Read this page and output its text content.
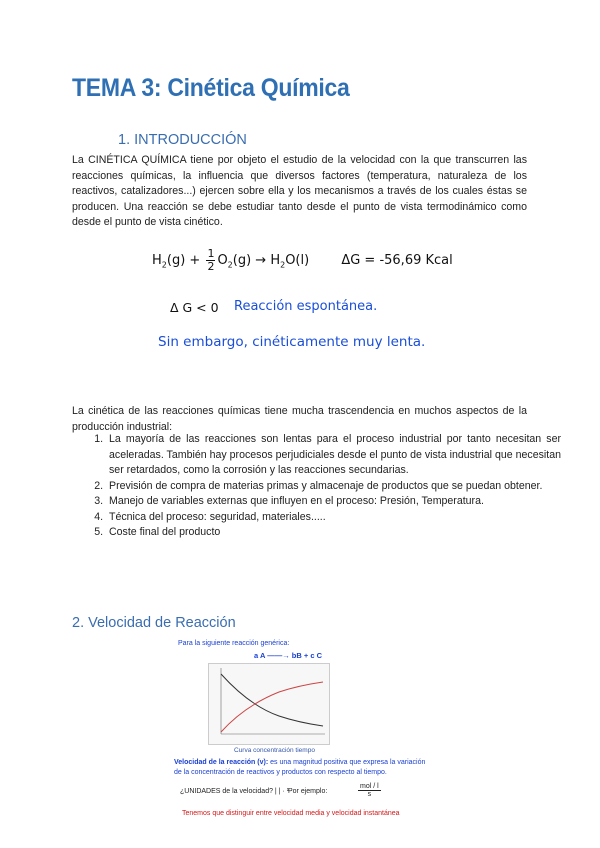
TEMA 3: Cinética Química
1. INTRODUCCIÓN
La CINÉTICA QUÍMICA tiene por objeto el estudio de la velocidad con la que transcurren las reacciones químicas, la influencia que diversos factores (temperatura, naturaleza de los reactivos, catalizadores...) ejercen sobre ella y los mecanismos a través de los cuales éstas se producen. Una reacción se debe estudiar tanto desde el punto de vista termodinámico como desde el punto de vista cinético.
$H_2(g) + \frac{1}{2} O_2(g) \to H_2O(l) \Delta G = -56,69$ Kcal
Δ G < 0 Reacción espontánea.
Sin embargo, cinéticamente muy lenta.
La cinética de las reacciones químicas tiene mucha trascendencia en muchos aspectos de la producción industrial:
1. La mayoría de las reacciones son lentas para el proceso industrial por tanto necesitan ser aceleradas. También hay procesos perjudiciales desde el punto de vista industrial que necesitan ser retardados, como la corrosión y las reacciones secundarias.
2. Previsión de compra de materias primas y almacenaje de productos que se puedan obtener.
3. Manejo de variables externas que influyen en el proceso: Presión, Temperatura.
4. Técnica del proceso: seguridad, materiales.....
5. Coste final del producto
2. Velocidad de Reacción
Para la siguiente reacción genérica:
a A ——→ bB + c C
Curva concentración tiempo
Velocidad de la reacción (v): es una magnitud positiva que expresa la variación
de la concentración de reactivos y productos con respecto al tiempo.
¿UNIDADES de la velocidad? | | · ¹
Por ejemplo:
mol / l
s
Tenemos que distinguir entre velocidad media y velocidad instantánea
